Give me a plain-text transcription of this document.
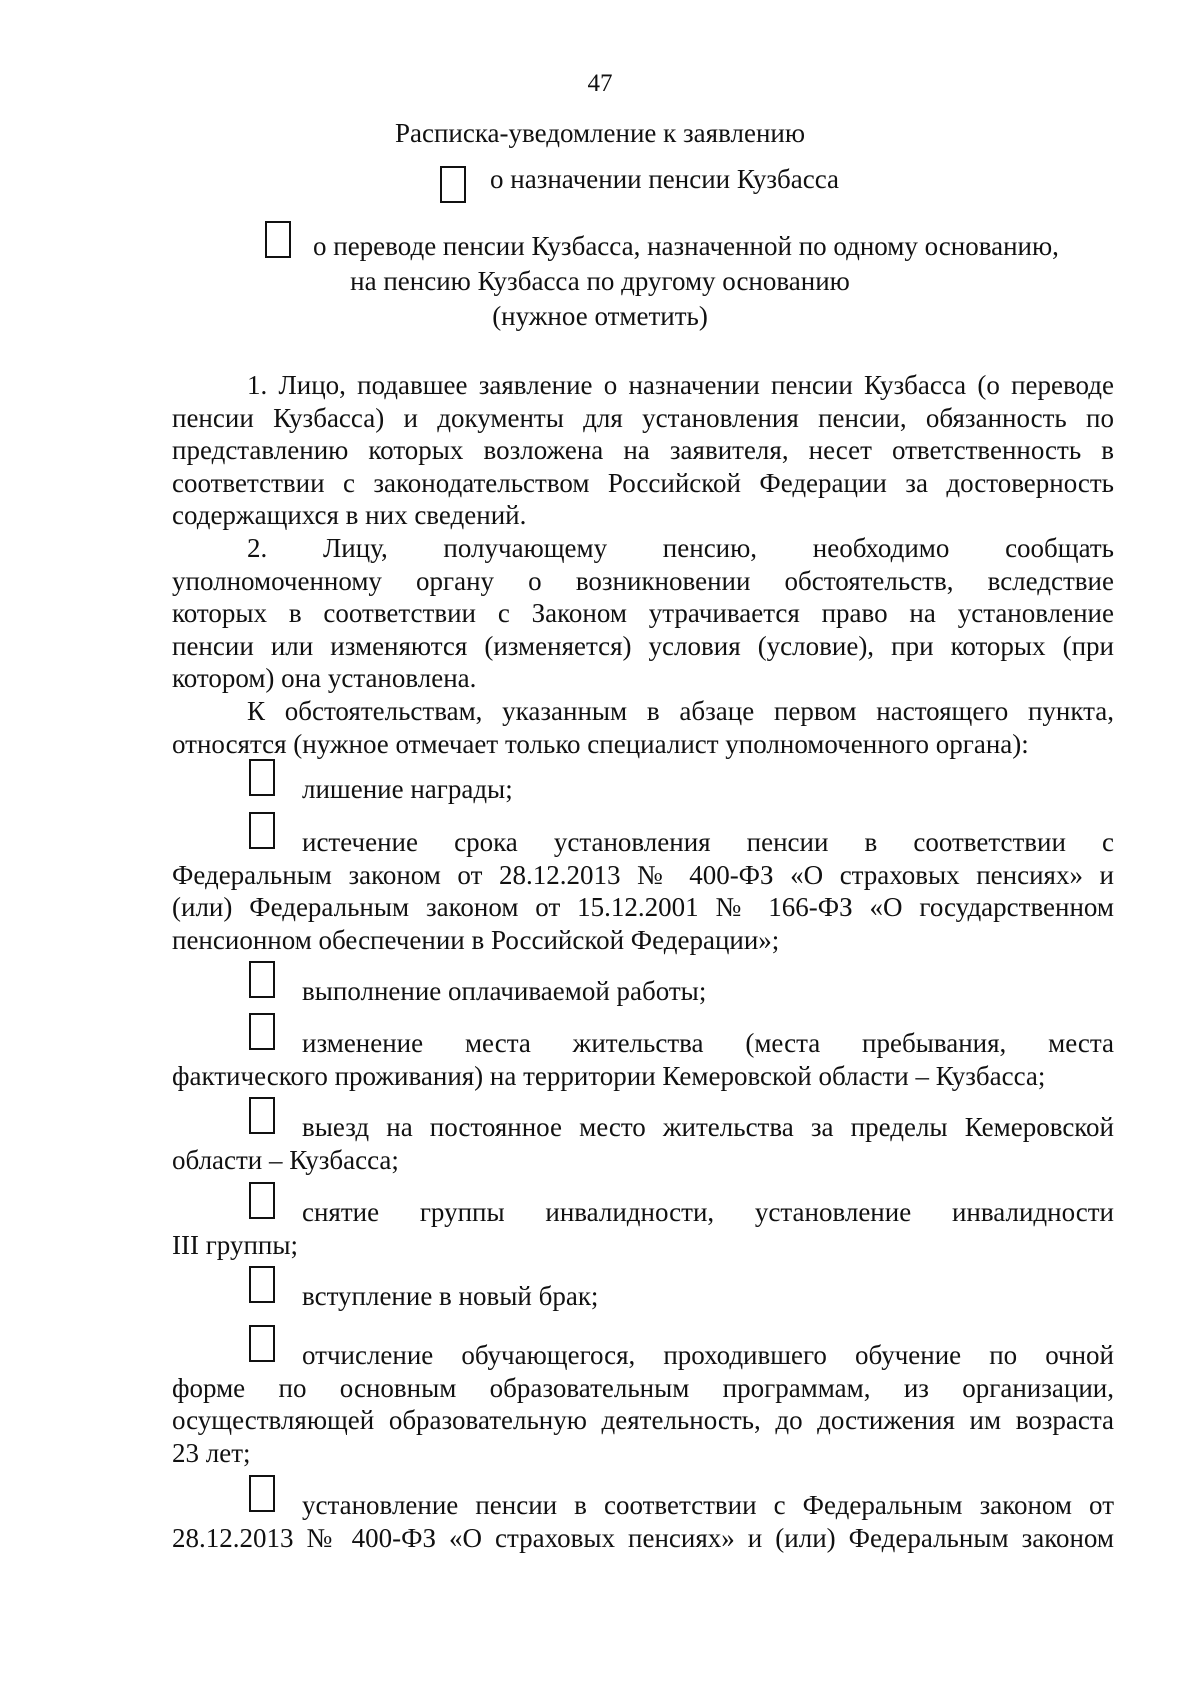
47
Расписка-уведомление к заявлению
о назначении пенсии Кузбасса
о переводе пенсии Кузбасса, назначенной по одному основанию,
на пенсию Кузбасса по другому основанию
(нужное отметить)
1. Лицо, подавшее заявление о назначении пенсии Кузбасса (о переводе
пенсии Кузбасса) и документы для установления пенсии, обязанность по
представлению которых возложена на заявителя, несет ответственность в
соответствии с законодательством Российской Федерации за достоверность
содержащихся в них сведений.
2. Лицу, получающему пенсию, необходимо сообщать
уполномоченному органу о возникновении обстоятельств, вследствие
которых в соответствии с Законом утрачивается право на установление
пенсии или изменяются (изменяется) условия (условие), при которых (при
котором) она установлена.
К обстоятельствам, указанным в абзаце первом настоящего пункта,
относятся (нужное отмечает только специалист уполномоченного органа):
лишение награды;
истечение срока установления пенсии в соответствии с
Федеральным законом от 28.12.2013 № 400-ФЗ «О страховых пенсиях» и
(или) Федеральным законом от 15.12.2001 № 166-ФЗ «О государственном
пенсионном обеспечении в Российской Федерации»;
выполнение оплачиваемой работы;
изменение места жительства (места пребывания, места
фактического проживания) на территории Кемеровской области – Кузбасса;
выезд на постоянное место жительства за пределы Кемеровской
области – Кузбасса;
снятие группы инвалидности, установление инвалидности
III группы;
вступление в новый брак;
отчисление обучающегося, проходившего обучение по очной
форме по основным образовательным программам, из организации,
осуществляющей образовательную деятельность, до достижения им возраста
23 лет;
установление пенсии в соответствии с Федеральным законом от
28.12.2013 № 400-ФЗ «О страховых пенсиях» и (или) Федеральным законом
